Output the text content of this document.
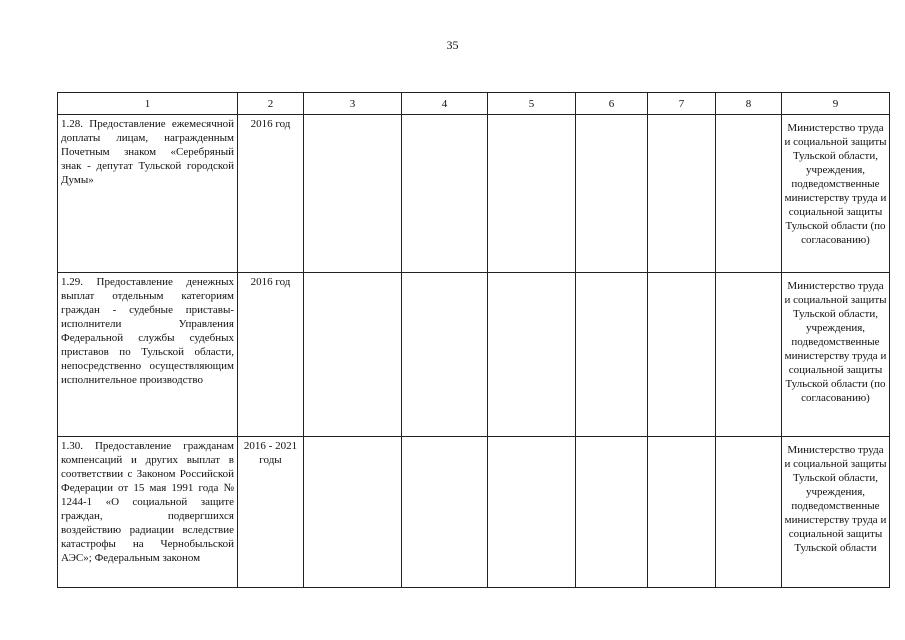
35
1	2	3	4	5	6	7	8	9
1.28. Предоставление ежемесячной доплаты лицам, награжденным Почетным знаком «Серебряный знак - депутат Тульской городской Думы»	2016 год							Министерство труда и социальной защиты Тульской области, учреждения, подведомственные министерству труда и социальной защиты Тульской области (по согласованию)
1.29. Предоставление денежных выплат отдельным категориям граждан - судебные приставы-исполнители Управления Федеральной службы судебных приставов по Тульской области, непосредственно осуществляющим исполнительное производство	2016 год							Министерство труда и социальной защиты Тульской области, учреждения, подведомственные министерству труда и социальной защиты Тульской области (по согласованию)
1.30. Предоставление гражданам компенсаций и других выплат в соответствии с Законом Российской Федерации от 15 мая 1991 года № 1244-1 «О социальной защите граждан, подвергшихся воздействию радиации вследствие катастрофы на Чернобыльской АЭС»; Федеральным законом	2016 - 2021 годы							Министерство труда и социальной защиты Тульской области, учреждения, подведомственные министерству труда и социальной защиты Тульской области
